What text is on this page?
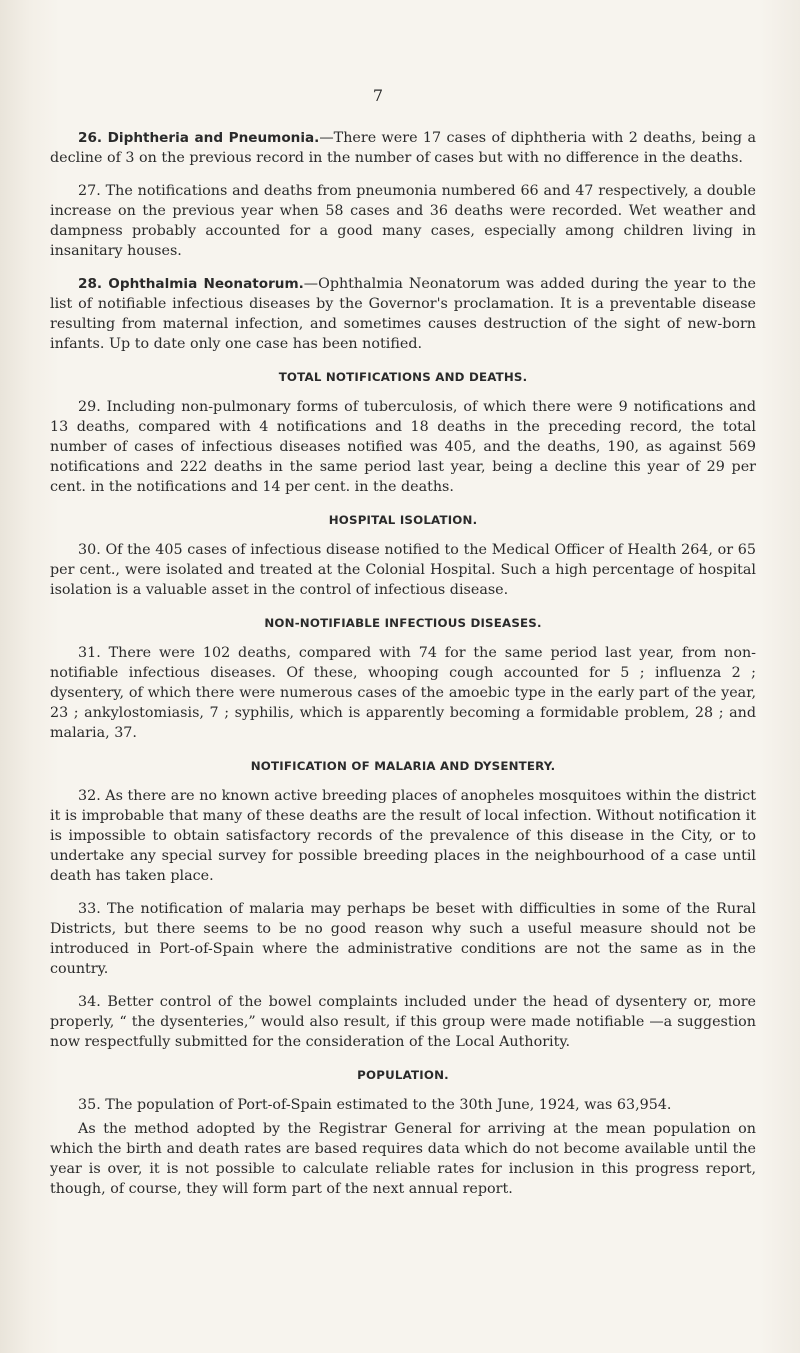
7

26. Diphtheria and Pneumonia.—There were 17 cases of diphtheria with 2 deaths, being a decline of 3 on the previous record in the number of cases but with no difference in the deaths.

27. The notifications and deaths from pneumonia numbered 66 and 47 respectively, a double increase on the previous year when 58 cases and 36 deaths were recorded. Wet weather and dampness probably accounted for a good many cases, especially among children living in insanitary houses.

28. Ophthalmia Neonatorum.—Ophthalmia Neonatorum was added during the year to the list of notifiable infectious diseases by the Governor's proclamation. It is a preventable disease resulting from maternal infection, and sometimes causes destruction of the sight of new-born infants. Up to date only one case has been notified.

TOTAL NOTIFICATIONS AND DEATHS.

29. Including non-pulmonary forms of tuberculosis, of which there were 9 notifications and 13 deaths, compared with 4 notifications and 18 deaths in the preceding record, the total number of cases of infectious diseases notified was 405, and the deaths, 190, as against 569 notifications and 222 deaths in the same period last year, being a decline this year of 29 per cent. in the notifications and 14 per cent. in the deaths.

HOSPITAL ISOLATION.

30. Of the 405 cases of infectious disease notified to the Medical Officer of Health 264, or 65 per cent., were isolated and treated at the Colonial Hospital. Such a high percentage of hospital isolation is a valuable asset in the control of infectious disease.

NON-NOTIFIABLE INFECTIOUS DISEASES.

31. There were 102 deaths, compared with 74 for the same period last year, from non-notifiable infectious diseases. Of these, whooping cough accounted for 5 ; influenza 2 ; dysentery, of which there were numerous cases of the amoebic type in the early part of the year, 23 ; ankylostomiasis, 7 ; syphilis, which is apparently becoming a formidable problem, 28 ; and malaria, 37.

NOTIFICATION OF MALARIA AND DYSENTERY.

32. As there are no known active breeding places of anopheles mosquitoes within the district it is improbable that many of these deaths are the result of local infection. Without notification it is impossible to obtain satisfactory records of the prevalence of this disease in the City, or to undertake any special survey for possible breeding places in the neighbourhood of a case until death has taken place.

33. The notification of malaria may perhaps be beset with difficulties in some of the Rural Districts, but there seems to be no good reason why such a useful measure should not be introduced in Port-of-Spain where the administrative conditions are not the same as in the country.

34. Better control of the bowel complaints included under the head of dysentery or, more properly, “ the dysenteries,” would also result, if this group were made notifiable —a suggestion now respectfully submitted for the consideration of the Local Authority.

POPULATION.

35. The population of Port-of-Spain estimated to the 30th June, 1924, was 63,954.

As the method adopted by the Registrar General for arriving at the mean population on which the birth and death rates are based requires data which do not become available until the year is over, it is not possible to calculate reliable rates for inclusion in this progress report, though, of course, they will form part of the next annual report.
